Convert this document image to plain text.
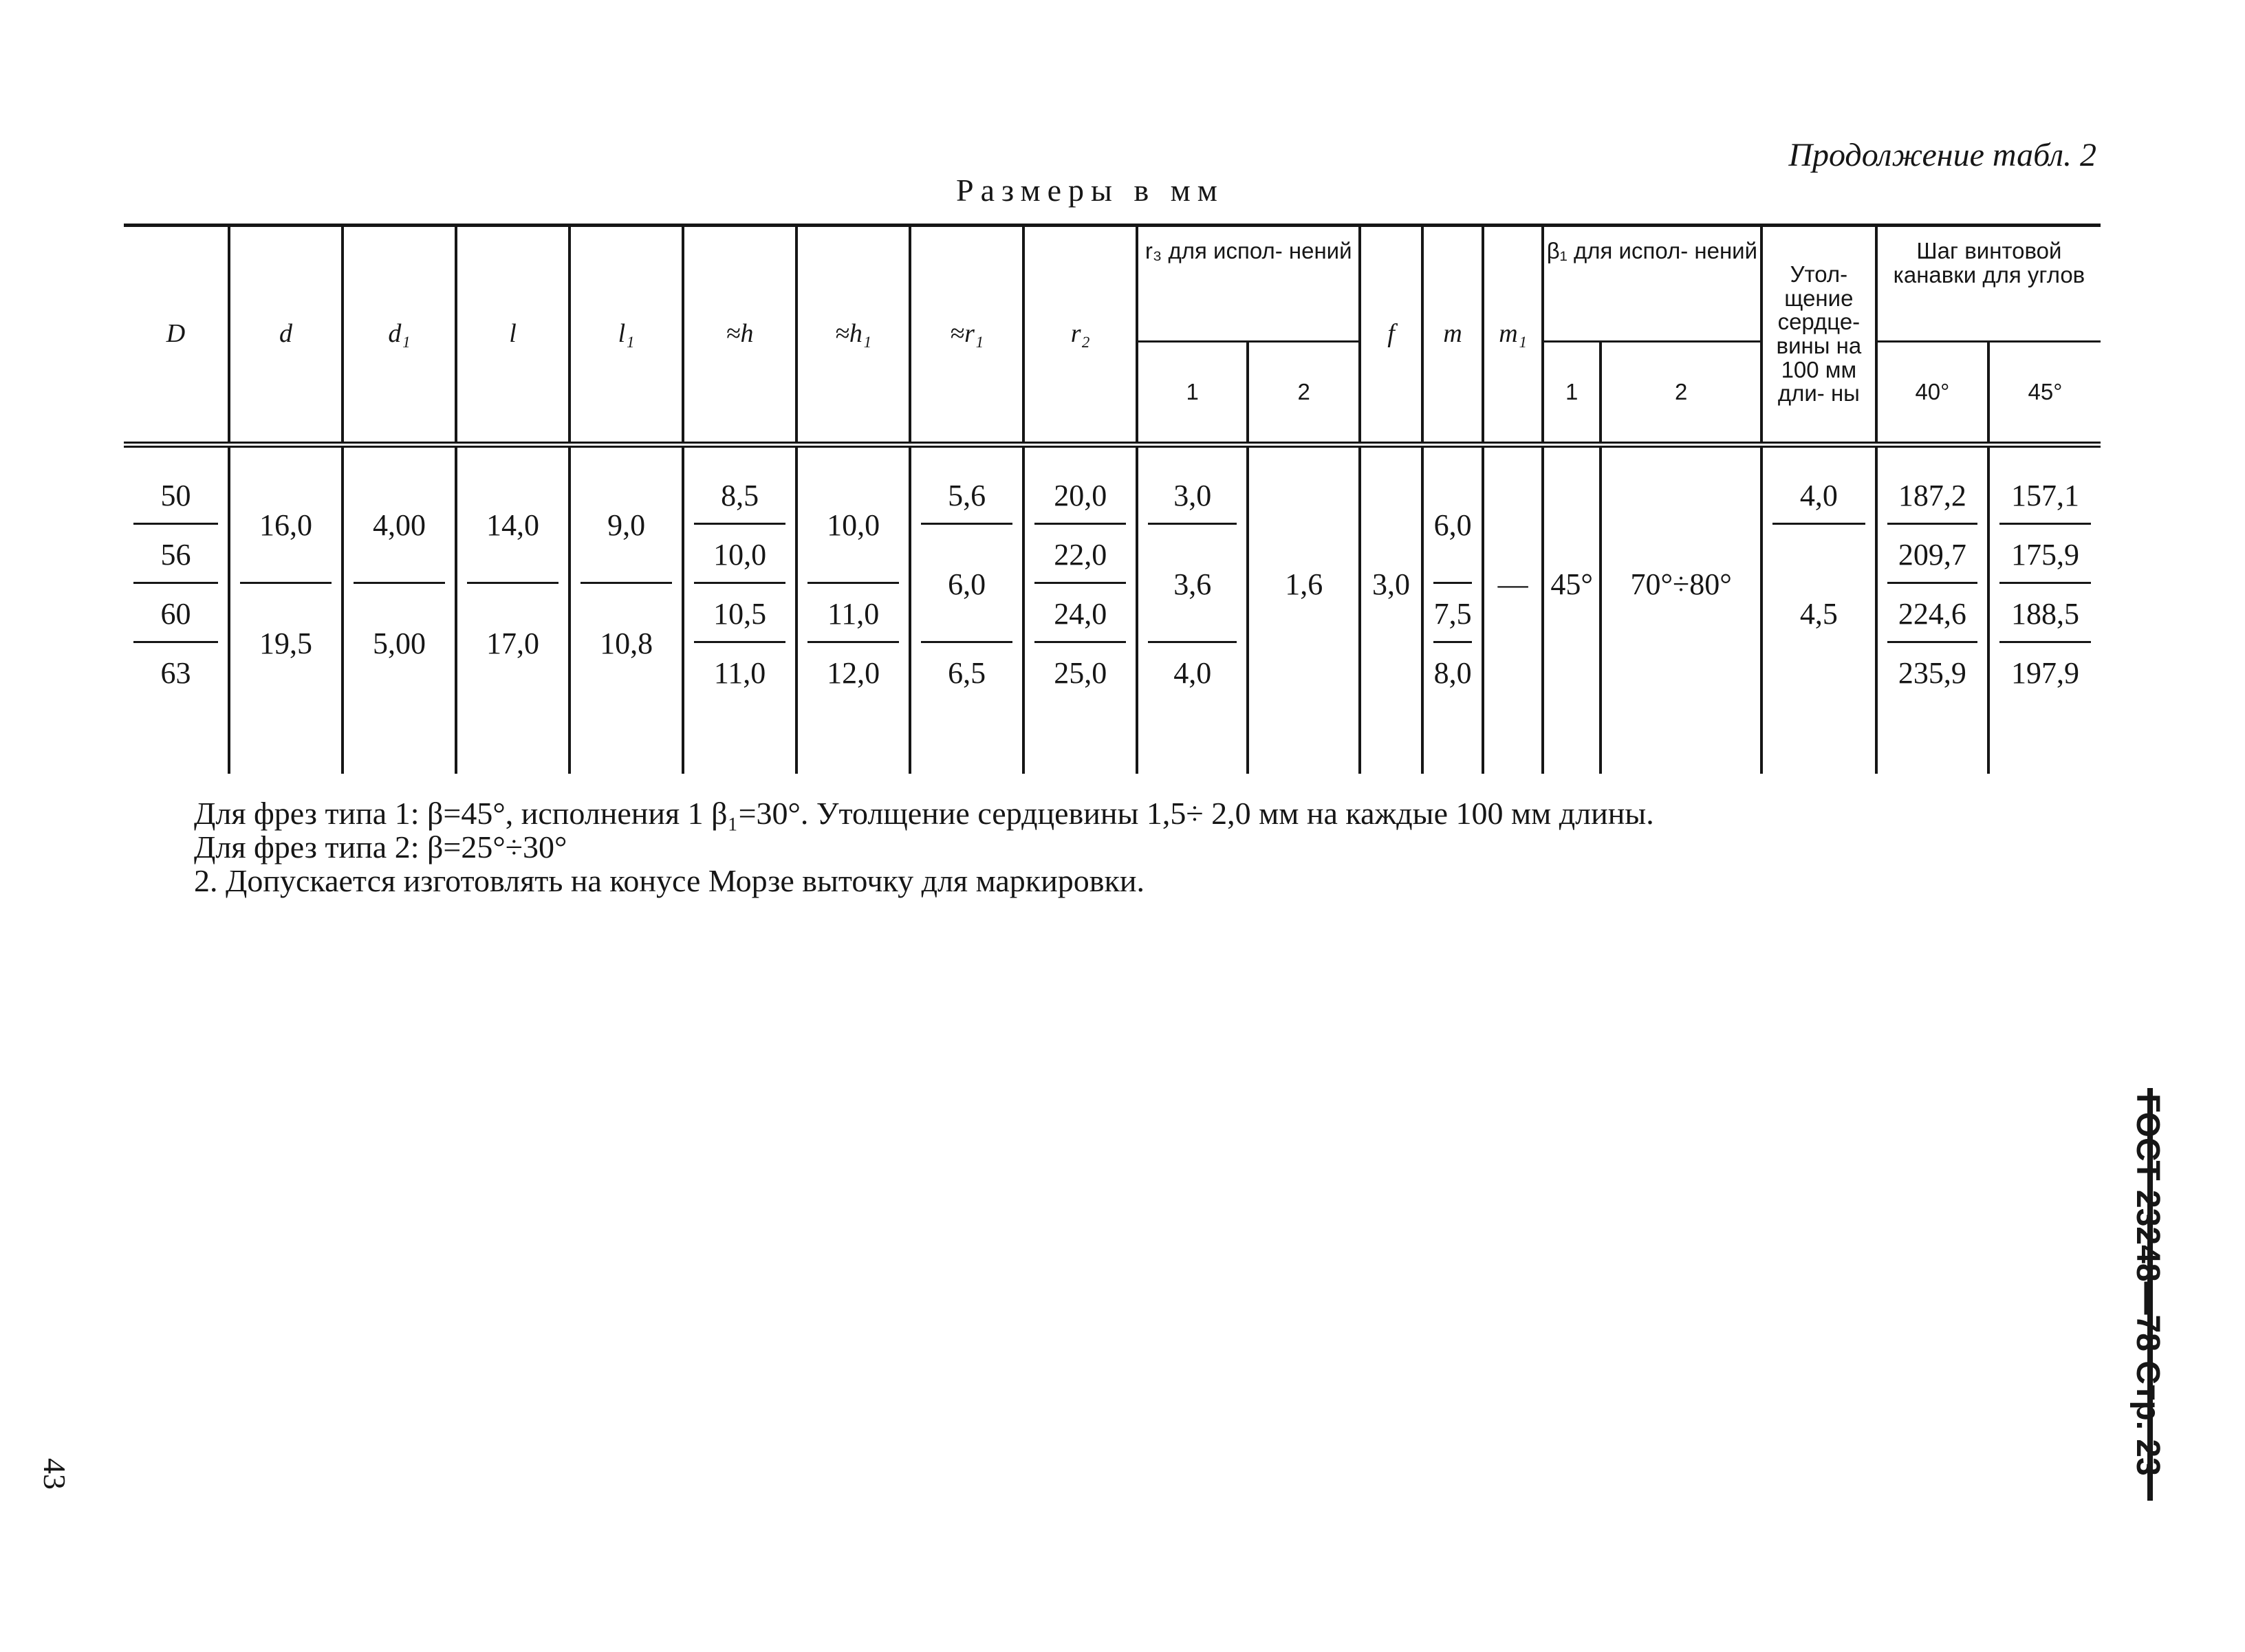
Продолжение табл. 2
Размеры в мм
D	d	d₁	l	l₁	≈h	≈h₁	≈r₁	r₂	r₃ для испол- нений		f	m	m₁	β₁ для испол- нений		Утол- щение сердце- вины на 100 мм дли- ны	Шаг винтовой канавки для углов	
									1	2				1	2		40°	45°

50	16,0	4,00	14,0	9,0	8,5	10,0	5,6	20,0	3,0	1,6	3,0	6,0	—	45°	70°÷80°	4,0	187,2	157,1
56					10,0		6,0	22,0	3,6							4,5	209,7	175,9
60	19,5	5,00	17,0	10,8	10,5	11,0		24,0				7,5					224,6	188,5
63					11,0	12,0	6,5	25,0	4,0			8,0					235,9	197,9

Для фрез типа 1: β=45°, исполнения 1 β₁=30°. Утолщение сердцевины 1,5÷ 2,0 мм на каждые 100 мм длины.
Для фрез типа 2: β=25°÷30°
2. Допускается изготовлять на конусе Морзе выточку для маркировки.
43	ГОСТ 23248—78 Стр. 23
